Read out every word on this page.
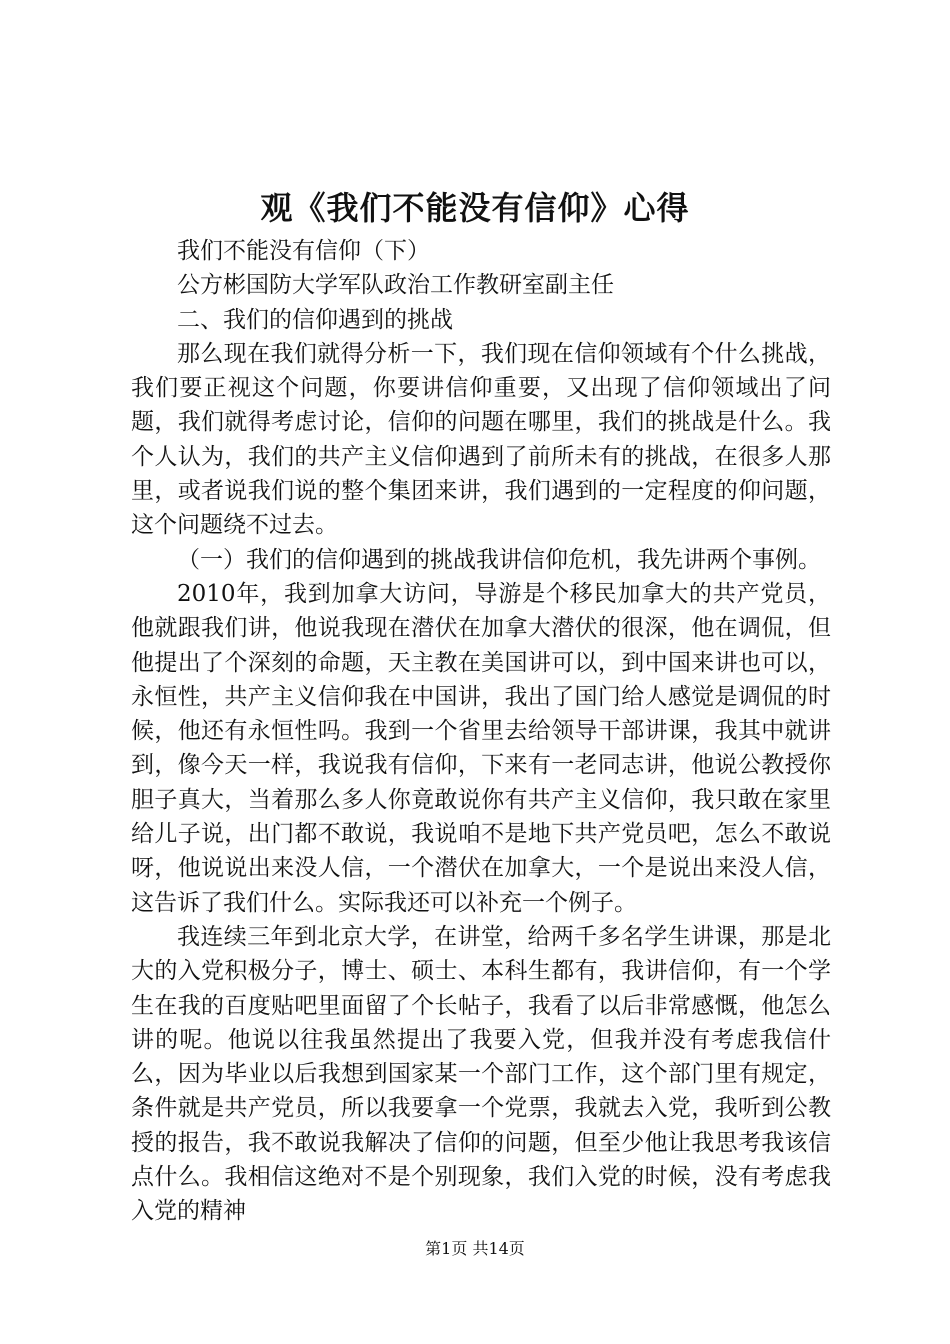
观《我们不能没有信仰》心得

我们不能没有信仰（下）

公方彬国防大学军队政治工作教研室副主任

二、我们的信仰遇到的挑战

那么现在我们就得分析一下，我们现在信仰领域有个什么挑战，我们要正视这个问题，你要讲信仰重要，又出现了信仰领域出了问题，我们就得考虑讨论，信仰的问题在哪里，我们的挑战是什么。我个人认为，我们的共产主义信仰遇到了前所未有的挑战，在很多人那里，或者说我们说的整个集团来讲，我们遇到的一定程度的仰问题，这个问题绕不过去。

（一）我们的信仰遇到的挑战我讲信仰危机，我先讲两个事例。

2010年，我到加拿大访问，导游是个移民加拿大的共产党员，他就跟我们讲，他说我现在潜伏在加拿大潜伏的很深，他在调侃，但他提出了个深刻的命题，天主教在美国讲可以，到中国来讲也可以，永恒性，共产主义信仰我在中国讲，我出了国门给人感觉是调侃的时候，他还有永恒性吗。我到一个省里去给领导干部讲课，我其中就讲到，像今天一样，我说我有信仰，下来有一老同志讲，他说公教授你胆子真大，当着那么多人你竟敢说你有共产主义信仰，我只敢在家里给儿子说，出门都不敢说，我说咱不是地下共产党员吧，怎么不敢说呀，他说说出来没人信，一个潜伏在加拿大，一个是说出来没人信，这告诉了我们什么。实际我还可以补充一个例子。

我连续三年到北京大学，在讲堂，给两千多名学生讲课，那是北大的入党积极分子，博士、硕士、本科生都有，我讲信仰，有一个学生在我的百度贴吧里面留了个长帖子，我看了以后非常感慨，他怎么讲的呢。他说以往我虽然提出了我要入党，但我并没有考虑我信什么，因为毕业以后我想到国家某一个部门工作，这个部门里有规定，条件就是共产党员，所以我要拿一个党票，我就去入党，我听到公教授的报告，我不敢说我解决了信仰的问题，但至少他让我思考我该信点什么。我相信这绝对不是个别现象，我们入党的时候，没有考虑我入党的精神

第1页 共14页
